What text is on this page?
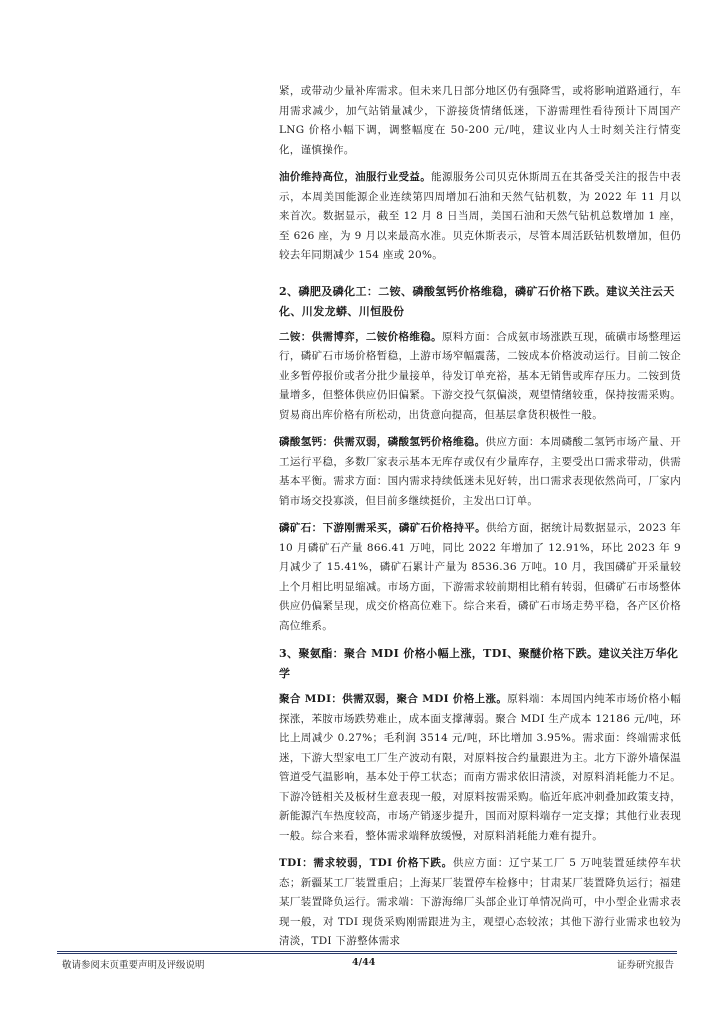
紧，或带动少量补库需求。但未来几日部分地区仍有强降雪，或将影响道路通行，车用需求减少，加气站销量减少，下游接货情绪低迷，下游需理性看待预计下周国产 LNG 价格小幅下调，调整幅度在 50-200 元/吨，建议业内人士时刻关注行情变化，谨慎操作。

油价维持高位，油服行业受益。能源服务公司贝克休斯周五在其备受关注的报告中表示，本周美国能源企业连续第四周增加石油和天然气钻机数，为 2022 年 11 月以来首次。数据显示，截至 12 月 8 日当周，美国石油和天然气钻机总数增加 1 座，至 626 座，为 9 月以来最高水准。贝克休斯表示，尽管本周活跃钻机数增加，但仍较去年同期减少 154 座或 20%。

2、磷肥及磷化工：二铵、磷酸氢钙价格维稳，磷矿石价格下跌。建议关注云天化、川发龙蟒、川恒股份

二铵：供需博弈，二铵价格维稳。原料方面：合成氨市场涨跌互现，硫磺市场整理运行，磷矿石市场价格暂稳，上游市场窄幅震荡，二铵成本价格波动运行。目前二铵企业多暂停报价或者分批少量接单，待发订单充裕，基本无销售或库存压力。二铵到货量增多，但整体供应仍旧偏紧。下游交投气氛偏淡，观望情绪较重，保持按需采购。贸易商出库价格有所松动，出货意向提高，但基层拿货积极性一般。

磷酸氢钙：供需双弱，磷酸氢钙价格维稳。供应方面：本周磷酸二氢钙市场产量、开工运行平稳，多数厂家表示基本无库存或仅有少量库存，主要受出口需求带动，供需基本平衡。需求方面：国内需求持续低迷未见好转，出口需求表现依然尚可，厂家内销市场交投寡淡，但目前多继续挺价，主发出口订单。

磷矿石：下游刚需采买，磷矿石价格持平。供给方面，据统计局数据显示，2023 年 10 月磷矿石产量 866.41 万吨，同比 2022 年增加了 12.91%，环比 2023 年 9 月减少了 15.41%，磷矿石累计产量为 8536.36 万吨。10 月，我国磷矿开采量较上个月相比明显缩减。市场方面，下游需求较前期相比稍有转弱，但磷矿石市场整体供应仍偏紧呈现，成交价格高位难下。综合来看，磷矿石市场走势平稳，各产区价格高位维系。

3、聚氨酯：聚合 MDI 价格小幅上涨，TDI、聚醚价格下跌。建议关注万华化学

聚合 MDI：供需双弱，聚合 MDI 价格上涨。原料端：本周国内纯苯市场价格小幅探涨，苯胺市场跌势难止，成本面支撑薄弱。聚合 MDI 生产成本 12186 元/吨，环比上周减少 0.27%；毛利润 3514 元/吨，环比增加 3.95%。需求面：终端需求低迷，下游大型家电工厂生产波动有限，对原料按合约量跟进为主。北方下游外墙保温管道受气温影响，基本处于停工状态；而南方需求依旧清淡，对原料消耗能力不足。下游冷链相关及板材生意表现一般，对原料按需采购。临近年底冲刺叠加政策支持，新能源汽车热度较高，市场产销逐步提升，国而对原料端存一定支撑；其他行业表现一般。综合来看，整体需求端释放缓慢，对原料消耗能力难有提升。

TDI：需求较弱，TDI 价格下跌。供应方面：辽宁某工厂 5 万吨装置延续停车状态；新疆某工厂装置重启；上海某厂装置停车检修中；甘肃某厂装置降负运行；福建某厂装置降负运行。需求端：下游海绵厂头部企业订单情况尚可，中小型企业需求表现一般，对 TDI 现货采购刚需跟进为主，观望心态较浓；其他下游行业需求也较为清淡，TDI 下游整体需求

敬请参阅末页重要声明及评级说明	4/44	证券研究报告
